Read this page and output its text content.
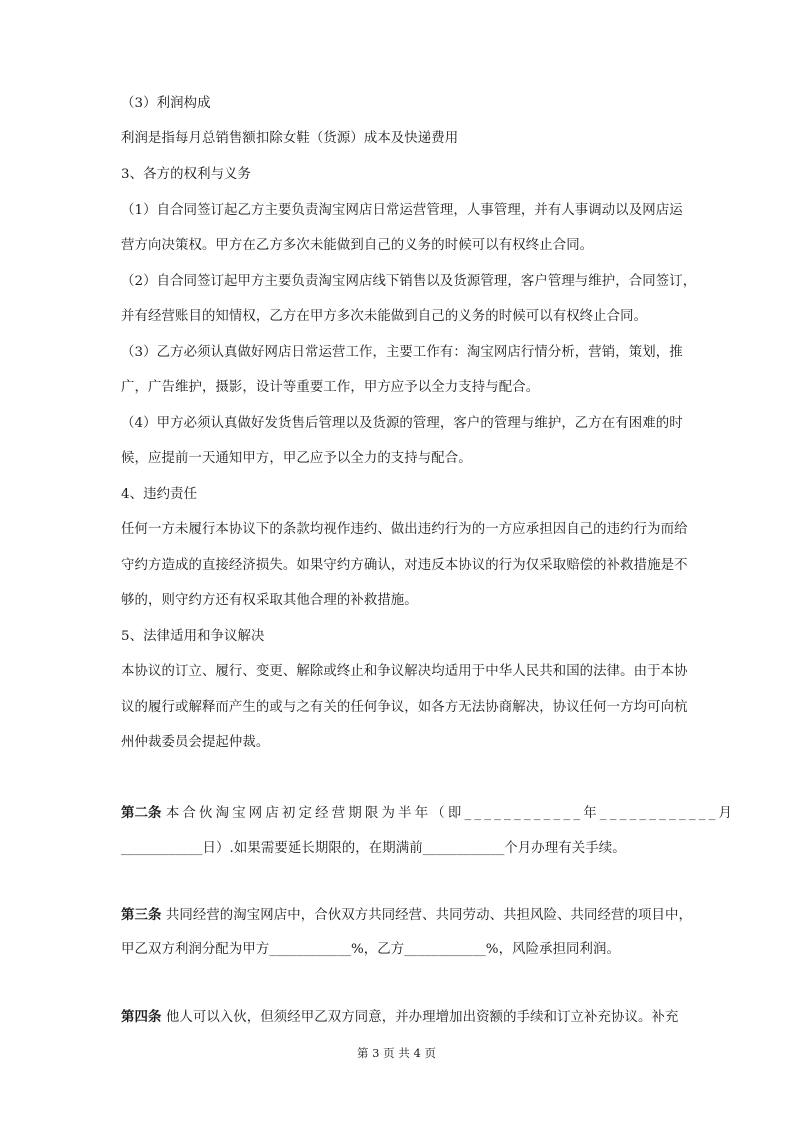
（3）利润构成
利润是指每月总销售额扣除女鞋（货源）成本及快递费用
3、各方的权利与义务
（1）自合同签订起乙方主要负责淘宝网店日常运营管理，人事管理，并有人事调动以及网店运
营方向决策权。甲方在乙方多次未能做到自己的义务的时候可以有权终止合同。
（2）自合同签订起甲方主要负责淘宝网店线下销售以及货源管理，客户管理与维护，合同签订，
并有经营账目的知情权，乙方在甲方多次未能做到自己的义务的时候可以有权终止合同。
（3）乙方必须认真做好网店日常运营工作，主要工作有：淘宝网店行情分析，营销，策划，推
广，广告维护，摄影，设计等重要工作，甲方应予以全力支持与配合。
（4）甲方必须认真做好发货售后管理以及货源的管理，客户的管理与维护，乙方在有困难的时
候，应提前一天通知甲方，甲乙应予以全力的支持与配合。
4、违约责任
任何一方未履行本协议下的条款均视作违约、做出违约行为的一方应承担因自己的违约行为而给
守约方造成的直接经济损失。如果守约方确认，对违反本协议的行为仅采取赔偿的补救措施是不
够的，则守约方还有权采取其他合理的补救措施。
5、法律适用和争议解决
本协议的订立、履行、变更、解除或终止和争议解决均适用于中华人民共和国的法律。由于本协
议的履行或解释而产生的或与之有关的任何争议，如各方无法协商解决，协议任何一方均可向杭
州仲裁委员会提起仲裁。
第二条 本合伙淘宝网店初定经营期限为半年（即____________年____________月
____________日）.如果需要延长期限的，在期满前____________个月办理有关手续。
第三条 共同经营的淘宝网店中，合伙双方共同经营、共同劳动、共担风险、共同经营的项目中，
甲乙双方利润分配为甲方____________%，乙方____________%，风险承担同利润。
第四条 他人可以入伙，但须经甲乙双方同意，并办理增加出资额的手续和订立补充协议。补充
第 3 页 共 4 页
